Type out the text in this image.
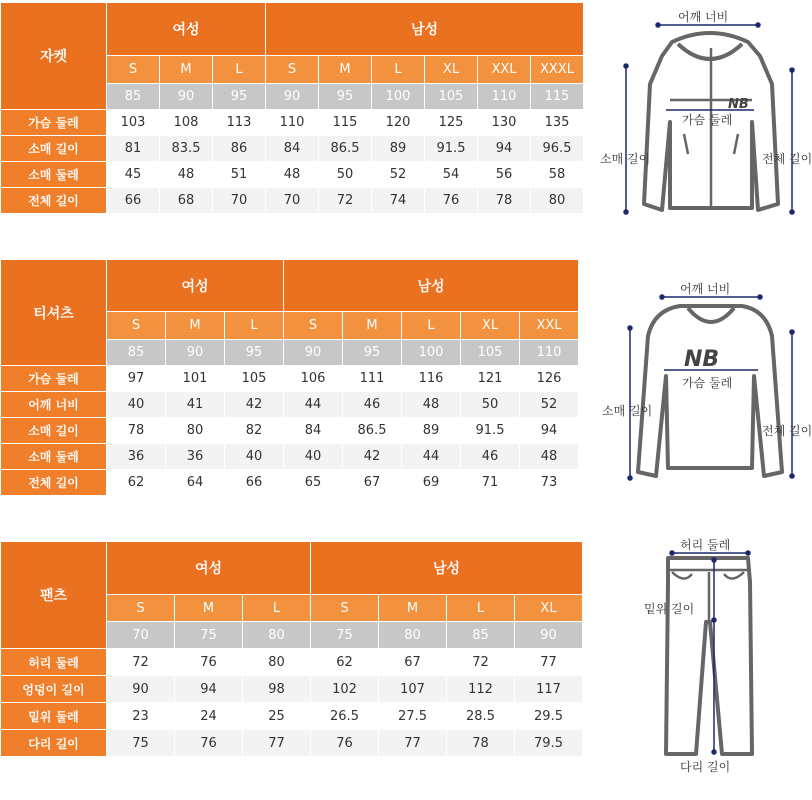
자켓	여성			남성					
	S	M	L	S	M	L	XL	XXL	XXXL
	85	90	95	90	95	100	105	110	115
가슴 둘레	103	108	113	110	115	120	125	130	135
소매 길이	81	83.5	86	84	86.5	89	91.5	94	96.5
소매 둘레	45	48	51	48	50	52	54	56	58
전체 길이	66	68	70	70	72	74	76	78	80
NB
어깨 너비
가슴 둘레
소매 길이	전체 길이
티셔츠	여성			남성				
	S	M	L	S	M	L	XL	XXL
	85	90	95	90	95	100	105	110
가슴 둘레	97	101	105	106	111	116	121	126
어깨 너비	40	41	42	44	46	48	50	52
소매 길이	78	80	82	84	86.5	89	91.5	94
소매 둘레	36	36	40	40	42	44	46	48
전체 길이	62	64	66	65	67	69	71	73
NB
어깨 너비
가슴 둘레
소매 길이
전체 길이
팬츠	여성			남성			
	S	M	L	S	M	L	XL
	70	75	80	75	80	85	90
허리 둘레	72	76	80	62	67	72	77
엉덩이 길이	90	94	98	102	107	112	117
밑위 둘레	23	24	25	26.5	27.5	28.5	29.5
다리 길이	75	76	77	76	77	78	79.5
허리 둘레
밑위 길이
다리 길이
